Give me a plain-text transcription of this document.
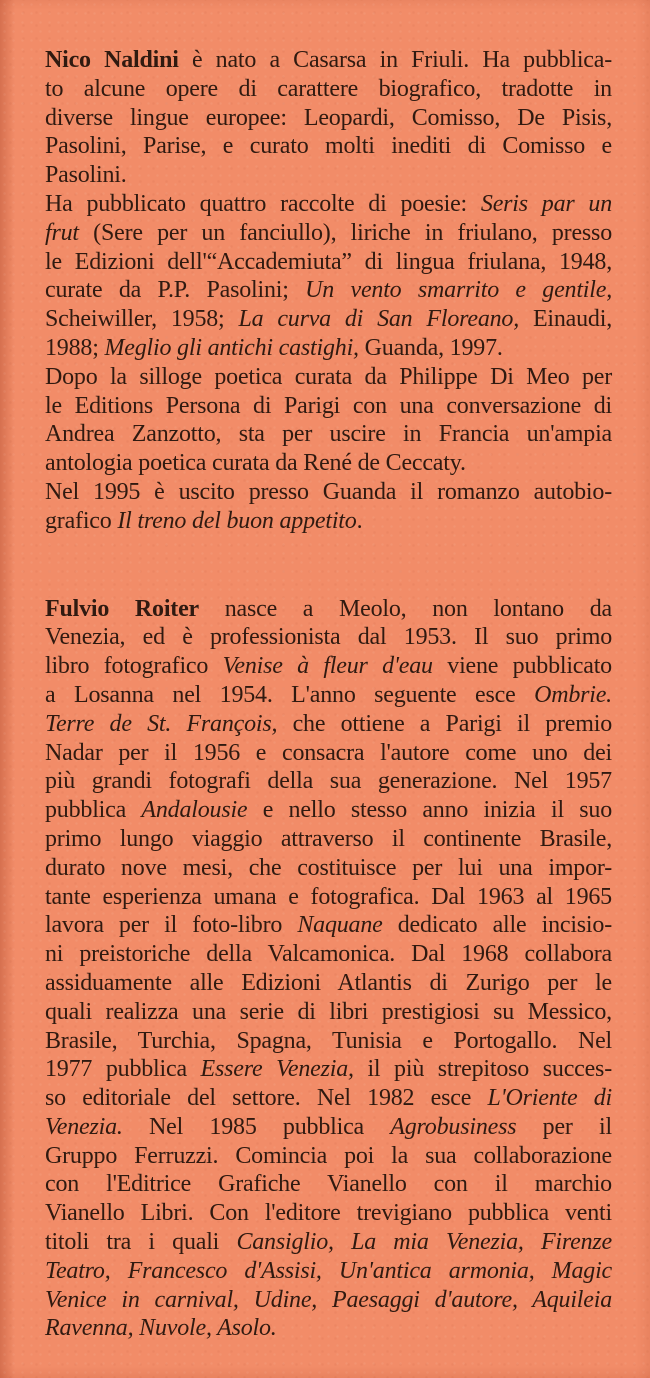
Nico Naldini è nato a Casarsa in Friuli. Ha pubblica-
to alcune opere di carattere biografico, tradotte in
diverse lingue europee: Leopardi, Comisso, De Pisis,
Pasolini, Parise, e curato molti inediti di Comisso e
Pasolini.
Ha pubblicato quattro raccolte di poesie: Seris par un
frut (Sere per un fanciullo), liriche in friulano, presso
le Edizioni dell'“Accademiuta” di lingua friulana, 1948,
curate da P.P. Pasolini; Un vento smarrito e gentile,
Scheiwiller, 1958; La curva di San Floreano, Einaudi,
1988; Meglio gli antichi castighi, Guanda, 1997.
Dopo la silloge poetica curata da Philippe Di Meo per
le Editions Persona di Parigi con una conversazione di
Andrea Zanzotto, sta per uscire in Francia un'ampia
antologia poetica curata da René de Ceccaty.
Nel 1995 è uscito presso Guanda il romanzo autobio-
grafico Il treno del buon appetito.
Fulvio Roiter nasce a Meolo, non lontano da
Venezia, ed è professionista dal 1953. Il suo primo
libro fotografico Venise à fleur d'eau viene pubblicato
a Losanna nel 1954. L'anno seguente esce Ombrie.
Terre de St. François, che ottiene a Parigi il premio
Nadar per il 1956 e consacra l'autore come uno dei
più grandi fotografi della sua generazione. Nel 1957
pubblica Andalousie e nello stesso anno inizia il suo
primo lungo viaggio attraverso il continente Brasile,
durato nove mesi, che costituisce per lui una impor-
tante esperienza umana e fotografica. Dal 1963 al 1965
lavora per il foto-libro Naquane dedicato alle incisio-
ni preistoriche della Valcamonica. Dal 1968 collabora
assiduamente alle Edizioni Atlantis di Zurigo per le
quali realizza una serie di libri prestigiosi su Messico,
Brasile, Turchia, Spagna, Tunisia e Portogallo. Nel
1977 pubblica Essere Venezia, il più strepitoso succes-
so editoriale del settore. Nel 1982 esce L'Oriente di
Venezia. Nel 1985 pubblica Agrobusiness per il
Gruppo Ferruzzi. Comincia poi la sua collaborazione
con l'Editrice Grafiche Vianello con il marchio
Vianello Libri. Con l'editore trevigiano pubblica venti
titoli tra i quali Cansiglio, La mia Venezia, Firenze
Teatro, Francesco d'Assisi, Un'antica armonia, Magic
Venice in carnival, Udine, Paesaggi d'autore, Aquileia
Ravenna, Nuvole, Asolo.
